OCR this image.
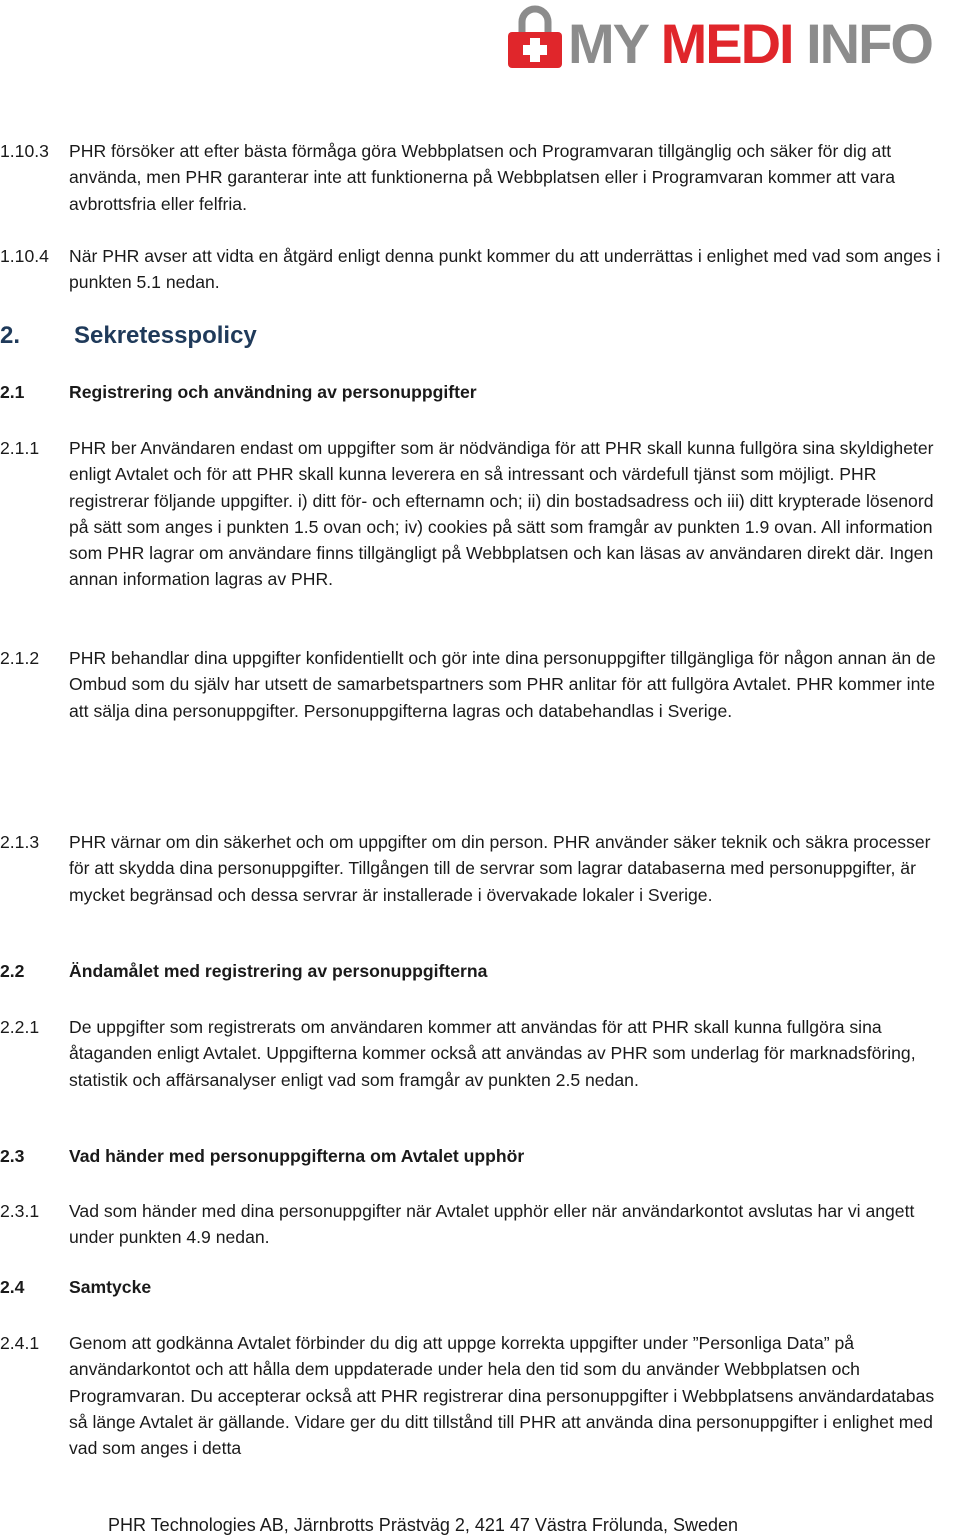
MY MEDI INFO
1.10.3 PHR försöker att efter bästa förmåga göra Webbplatsen och Programvaran tillgänglig och säker för dig att använda, men PHR garanterar inte att funktionerna på Webbplatsen eller i Programvaran kommer att vara avbrottsfria eller felfria.
1.10.4 När PHR avser att vidta en åtgärd enligt denna punkt kommer du att underrättas i enlighet med vad som anges i punkten 5.1 nedan.
2. Sekretesspolicy
2.1	Registrering och användning av personuppgifter
2.1.1 PHR ber Användaren endast om uppgifter som är nödvändiga för att PHR skall kunna fullgöra sina skyldigheter enligt Avtalet och för att PHR skall kunna leverera en så intressant och värdefull tjänst som möjligt. PHR registrerar följande uppgifter. i) ditt för- och efternamn och; ii) din bostadsadress och iii) ditt krypterade lösenord på sätt som anges i punkten 1.5 ovan och; iv) cookies på sätt som framgår av punkten 1.9 ovan. All information som PHR lagrar om användare finns tillgängligt på Webbplatsen och kan läsas av användaren direkt där. Ingen annan information lagras av PHR.
2.1.2 PHR behandlar dina uppgifter konfidentiellt och gör inte dina personuppgifter tillgängliga för någon annan än de Ombud som du själv har utsett de samarbetspartners som PHR anlitar för att fullgöra Avtalet. PHR kommer inte att sälja dina personuppgifter. Personuppgifterna lagras och databehandlas i Sverige.
2.1.3 PHR värnar om din säkerhet och om uppgifter om din person. PHR använder säker teknik och säkra processer för att skydda dina personuppgifter. Tillgången till de servrar som lagrar databaserna med personuppgifter, är mycket begränsad och dessa servrar är installerade i övervakade lokaler i Sverige.
2.2	Ändamålet med registrering av personuppgifterna
2.2.1 De uppgifter som registrerats om användaren kommer att användas för att PHR skall kunna fullgöra sina åtaganden enligt Avtalet. Uppgifterna kommer också att användas av PHR som underlag för marknadsföring, statistik och affärsanalyser enligt vad som framgår av punkten 2.5 nedan.
2.3	Vad händer med personuppgifterna om Avtalet upphör
2.3.1 Vad som händer med dina personuppgifter när Avtalet upphör eller när användarkontot avslutas har vi angett under punkten 4.9 nedan.
2.4	Samtycke
2.4.1 Genom att godkänna Avtalet förbinder du dig att uppge korrekta uppgifter under ”Personliga Data” på användarkontot och att hålla dem uppdaterade under hela den tid som du använder Webbplatsen och Programvaran. Du accepterar också att PHR registrerar dina personuppgifter i Webbplatsens användardatabas så länge Avtalet är gällande. Vidare ger du ditt tillstånd till PHR att använda dina personuppgifter i enlighet med vad som anges i detta
PHR Technologies AB, Järnbrotts Prästväg 2, 421 47 Västra Frölunda, Sweden
